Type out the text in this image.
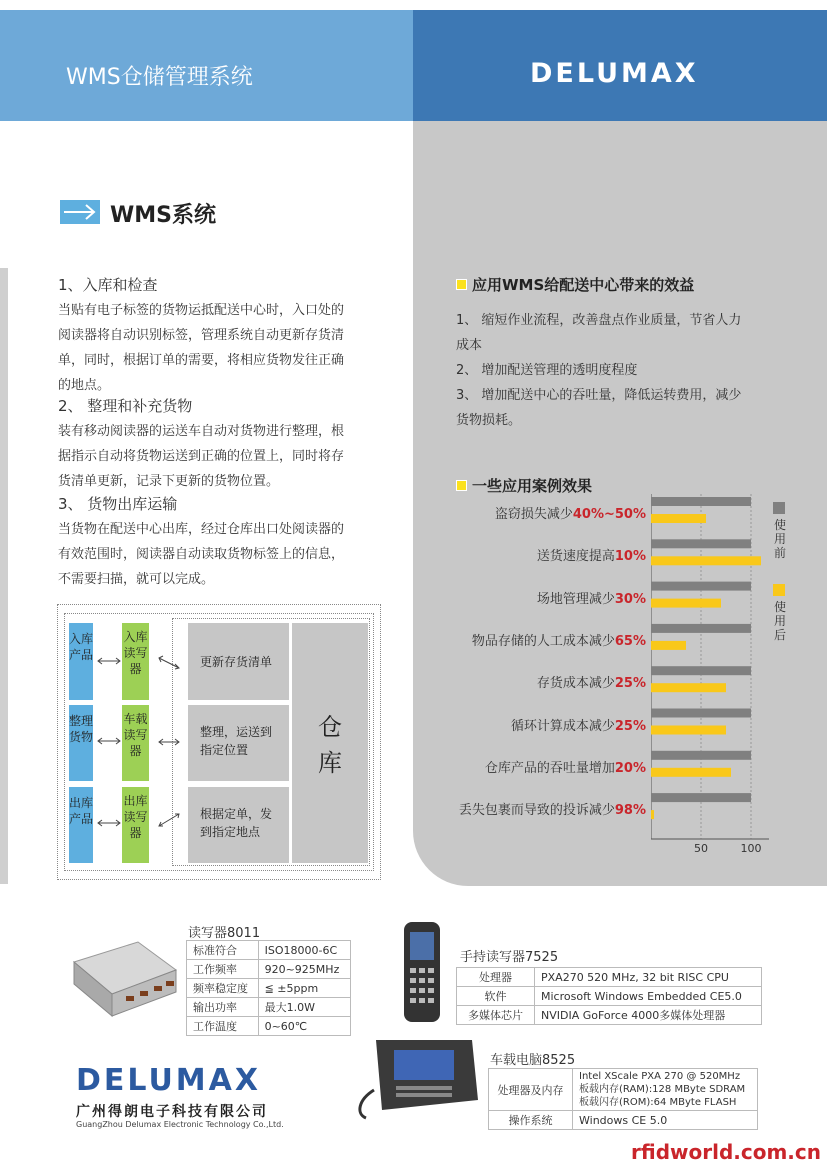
WMS仓储管理系统	DELUMAX
WMS系统
1、入库和检查
当贴有电子标签的货物运抵配送中心时，入口处的
阅读器将自动识别标签，管理系统自动更新存货清
单，同时，根据订单的需要，将相应货物发往正确
的地点。
2、 整理和补充货物
装有移动阅读器的运送车自动对货物进行整理，根
据指示自动将货物运送到正确的位置上，同时将存
货清单更新，记录下更新的货物位置。
3、 货物出库运输
当货物在配送中心出库，经过仓库出口处阅读器的
有效范围时，阅读器自动读取货物标签上的信息，
不需要扫描，就可以完成。
入库产品
整理货物
出库产品
入库读写器
车载读写器
出库读写器
更新存货清单
整理，运送到
指定位置
根据定单，发
到指定地点
仓
库
应用WMS给配送中心带来的效益
1、 缩短作业流程，改善盘点作业质量，节省人力
成本
2、 增加配送管理的透明度程度
3、 增加配送中心的吞吐量，降低运转费用，减少
货物损耗。
一些应用案例效果
50	100
盗窃损失减少40%~50%
送货速度提高10%
场地管理减少30%
物品存储的人工成本减少65%
存货成本减少25%
循环计算成本减少25%
仓库产品的吞吐量增加20%
丢失包裹而导致的投诉减少98%
使
用
前
使
用
后
读写器8011
标准符合	ISO18000-6C
工作频率	920~925MHz
频率稳定度	≦ ±5ppm
输出功率	最大1.0W
工作温度	0~60℃
手持读写器7525
处理器	PXA270 520 MHz, 32 bit RISC CPU
软件	Microsoft Windows Embedded CE5.0
多媒体芯片	NVIDIA GoForce 4000多媒体处理器
车载电脑8525
处理器及内存	Intel XScale PXA 270 @ 520MHz
板载内存(RAM):128 MByte SDRAM
板载闪存(ROM):64 MByte FLASH
操作系统	Windows CE 5.0
DELUMAX
广州得朗电子科技有限公司
GuangZhou Delumax Electronic Technology Co.,Ltd.
rfidworld.com.cn
